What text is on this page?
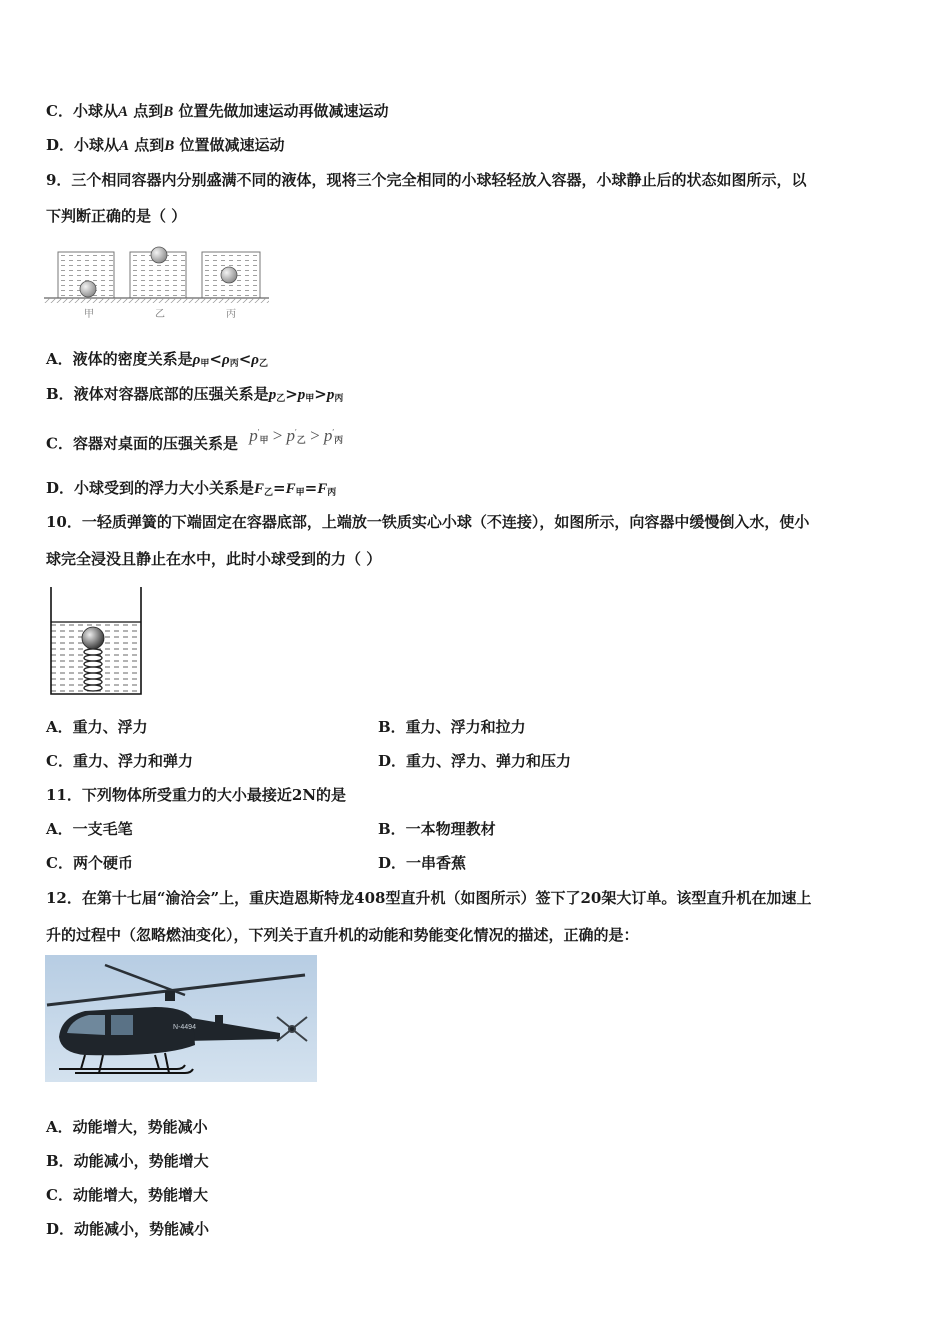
C．小球从A 点到B 位置先做加速运动再做减速运动
D．小球从A 点到B 位置做减速运动
9．三个相同容器内分别盛满不同的液体，现将三个完全相同的小球轻轻放入容器，小球静止后的状态如图所示，以
下判断正确的是（ ）
甲	乙	丙
A．液体的密度关系是$\rho_甲<\rho_丙<\rho_乙$
B．液体对容器底部的压强关系是$p_乙>p_甲>p_丙$
C．容器对桌面的压强关系是 $p'_甲 > p'_乙 > p'_丙$
D．小球受到的浮力大小关系是$F_乙=F_甲=F_丙$
10．一轻质弹簧的下端固定在容器底部，上端放一铁质实心小球（不连接），如图所示，向容器中缓慢倒入水，使小
球完全浸没且静止在水中，此时小球受到的力（ ）
A．重力、浮力	B．重力、浮力和拉力
C．重力、浮力和弹力	D．重力、浮力、弹力和压力
11．下列物体所受重力的大小最接近2N的是
A．一支毛笔	B．一本物理教材
C．两个硬币	D．一串香蕉
12．在第十七届“渝洽会”上，重庆造恩斯特龙408型直升机（如图所示）签下了20架大订单。该型直升机在加速上
升的过程中（忽略燃油变化），下列关于直升机的动能和势能变化情况的描述，正确的是：
N-4494
A．动能增大，势能减小
B．动能减小，势能增大
C．动能增大，势能增大
D．动能减小，势能减小
